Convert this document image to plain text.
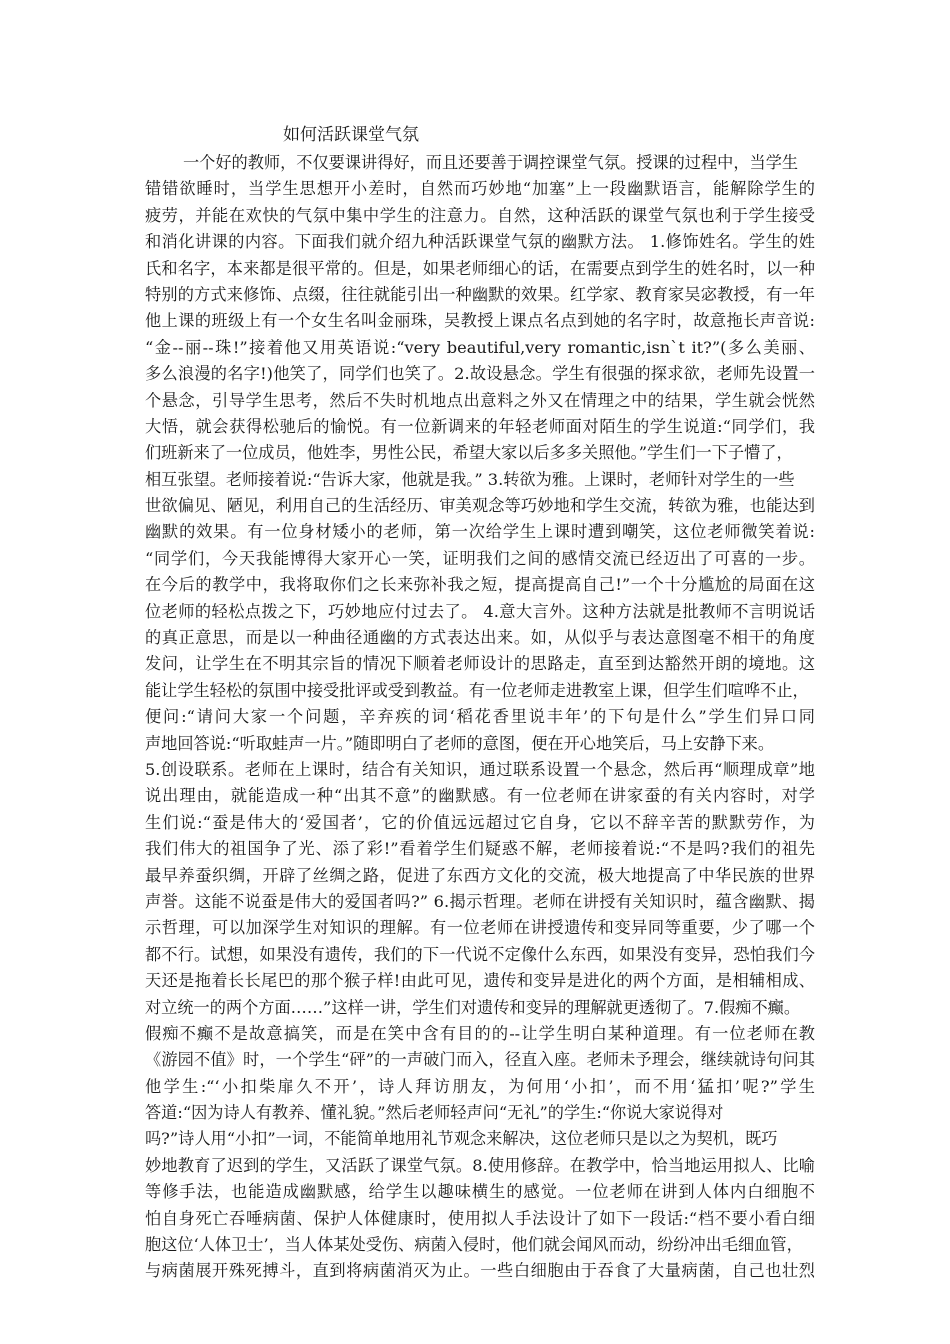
如何活跃课堂气氛
一个好的教师，不仅要课讲得好，而且还要善于调控课堂气氛。授课的过程中，当学生
错错欲睡时，当学生思想开小差时，自然而巧妙地“加塞”上一段幽默语言，能解除学生的
疲劳，并能在欢快的气氛中集中学生的注意力。自然，这种活跃的课堂气氛也利于学生接受
和消化讲课的内容。下面我们就介绍九种活跃课堂气氛的幽默方法。 1.修饰姓名。学生的姓
氏和名字，本来都是很平常的。但是，如果老师细心的话，在需要点到学生的姓名时，以一种
特别的方式来修饰、点缀，往往就能引出一种幽默的效果。红学家、教育家吴宓教授，有一年
他上课的班级上有一个女生名叫金丽珠，吴教授上课点名点到她的名字时，故意拖长声音说:
“金--丽--珠!”接着他又用英语说:“very beautiful,very romantic,isn`t it?”(多么美丽、
多么浪漫的名字!)他笑了，同学们也笑了。2.故设悬念。学生有很强的探求欲，老师先设置一
个悬念，引导学生思考，然后不失时机地点出意料之外又在情理之中的结果，学生就会恍然
大悟，就会获得松驰后的愉悦。有一位新调来的年轻老师面对陌生的学生说道:“同学们，我
们班新来了一位成员，他姓李，男性公民，希望大家以后多多关照他。”学生们一下子懵了，
相互张望。老师接着说:“告诉大家，他就是我。” 3.转欲为雅。上课时，老师针对学生的一些
世欲偏见、陋见，利用自己的生活经历、审美观念等巧妙地和学生交流，转欲为雅，也能达到
幽默的效果。有一位身材矮小的老师，第一次给学生上课时遭到嘲笑，这位老师微笑着说:
“同学们，今天我能博得大家开心一笑，证明我们之间的感情交流已经迈出了可喜的一步。
在今后的教学中，我将取你们之长来弥补我之短，提高提高自己!”一个十分尴尬的局面在这
位老师的轻松点拨之下，巧妙地应付过去了。 4.意大言外。这种方法就是批教师不言明说话
的真正意思，而是以一种曲径通幽的方式表达出来。如，从似乎与表达意图毫不相干的角度
发问，让学生在不明其宗旨的情况下顺着老师设计的思路走，直至到达豁然开朗的境地。这
能让学生轻松的氛围中接受批评或受到教益。有一位老师走进教室上课，但学生们喧哗不止，
便问:“请问大家一个问题，辛弃疾的词‘稻花香里说丰年’的下句是什么”学生们异口同
声地回答说:“听取蛙声一片。”随即明白了老师的意图，便在开心地笑后，马上安静下来。
5.创设联系。老师在上课时，结合有关知识，通过联系设置一个悬念，然后再“顺理成章”地
说出理由，就能造成一种“出其不意”的幽默感。有一位老师在讲家蚕的有关内容时，对学
生们说:“蚕是伟大的‘爱国者’，它的价值远远超过它自身，它以不辞辛苦的默默劳作，为
我们伟大的祖国争了光、添了彩!”看着学生们疑惑不解，老师接着说:“不是吗?我们的祖先
最早养蚕织绸，开辟了丝绸之路，促进了东西方文化的交流，极大地提高了中华民族的世界
声誉。这能不说蚕是伟大的爱国者吗?” 6.揭示哲理。老师在讲授有关知识时，蕴含幽默、揭
示哲理，可以加深学生对知识的理解。有一位老师在讲授遗传和变异同等重要，少了哪一个
都不行。试想，如果没有遗传，我们的下一代说不定像什么东西，如果没有变异，恐怕我们今
天还是拖着长长尾巴的那个猴子样!由此可见，遗传和变异是进化的两个方面，是相辅相成、
对立统一的两个方面……”这样一讲，学生们对遗传和变异的理解就更透彻了。7.假痴不癫。
假痴不癫不是故意搞笑，而是在笑中含有目的的--让学生明白某种道理。有一位老师在教
《游园不值》时，一个学生“砰”的一声破门而入，径直入座。老师未予理会，继续就诗句问其
他学生:“‘小扣柴扉久不开’，诗人拜访朋友，为何用‘小扣’，而不用‘猛扣’呢?”学生
答道:“因为诗人有教养、懂礼貌。”然后老师轻声问“无礼”的学生:“你说大家说得对
吗?”诗人用“小扣”一词，不能简单地用礼节观念来解决，这位老师只是以之为契机，既巧
妙地教育了迟到的学生，又活跃了课堂气氛。8.使用修辞。在教学中，恰当地运用拟人、比喻
等修手法，也能造成幽默感，给学生以趣味横生的感觉。一位老师在讲到人体内白细胞不
怕自身死亡吞唾病菌、保护人体健康时，使用拟人手法设计了如下一段话:“档不要小看白细
胞这位‘人体卫士’，当人体某处受伤、病菌入侵时，他们就会闻风而动，纷纷冲出毛细血管，
与病菌展开殊死搏斗，直到将病菌消灭为止。一些白细胞由于吞食了大量病菌，自己也壮烈
